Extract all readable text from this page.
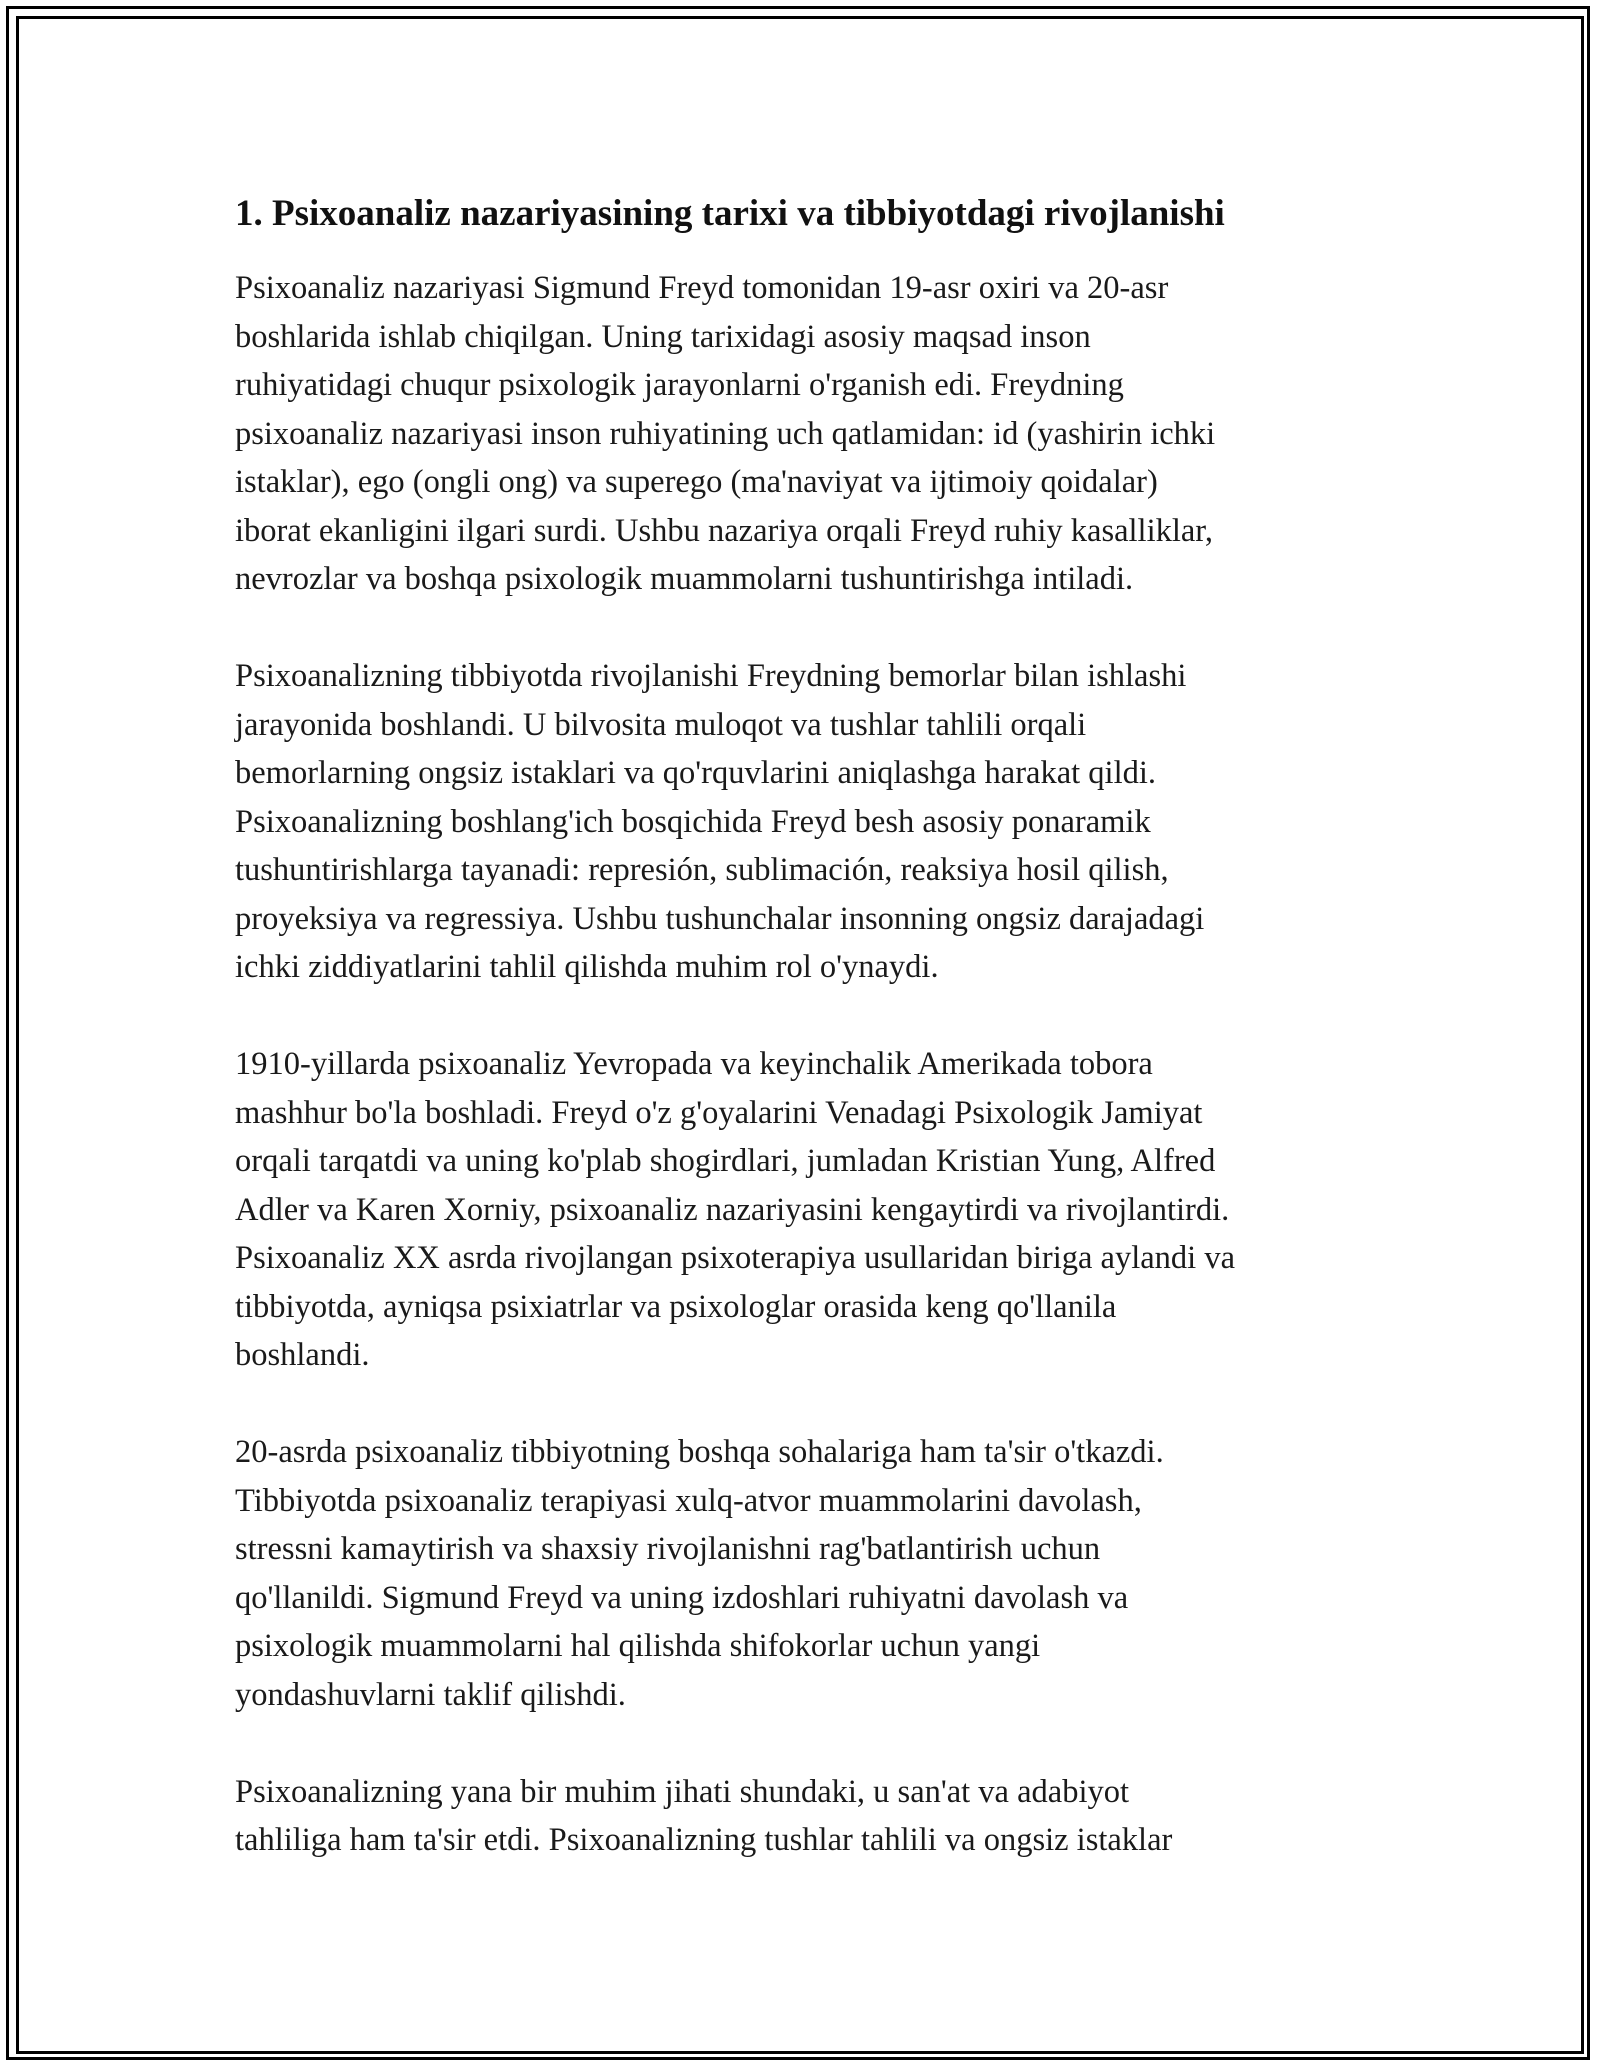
1. Psixoanaliz nazariyasining tarixi va tibbiyotdagi rivojlanishi

Psixoanaliz nazariyasi Sigmund Freyd tomonidan 19-asr oxiri va 20-asr
boshlarida ishlab chiqilgan. Uning tarixidagi asosiy maqsad inson
ruhiyatidagi chuqur psixologik jarayonlarni o'rganish edi. Freydning
psixoanaliz nazariyasi inson ruhiyatining uch qatlamidan: id (yashirin ichki
istaklar), ego (ongli ong) va superego (ma'naviyat va ijtimoiy qoidalar)
iborat ekanligini ilgari surdi. Ushbu nazariya orqali Freyd ruhiy kasalliklar,
nevrozlar va boshqa psixologik muammolarni tushuntirishga intiladi.

Psixoanalizning tibbiyotda rivojlanishi Freydning bemorlar bilan ishlashi
jarayonida boshlandi. U bilvosita muloqot va tushlar tahlili orqali
bemorlarning ongsiz istaklari va qo'rquvlarini aniqlashga harakat qildi.
Psixoanalizning boshlang'ich bosqichida Freyd besh asosiy ponaramik
tushuntirishlarga tayanadi: represión, sublimación, reaksiya hosil qilish,
proyeksiya va regressiya. Ushbu tushunchalar insonning ongsiz darajadagi
ichki ziddiyatlarini tahlil qilishda muhim rol o'ynaydi.

1910-yillarda psixoanaliz Yevropada va keyinchalik Amerikada tobora
mashhur bo'la boshladi. Freyd o'z g'oyalarini Venadagi Psixologik Jamiyat
orqali tarqatdi va uning ko'plab shogirdlari, jumladan Kristian Yung, Alfred
Adler va Karen Xorniy, psixoanaliz nazariyasini kengaytirdi va rivojlantirdi.
Psixoanaliz XX asrda rivojlangan psixoterapiya usullaridan biriga aylandi va
tibbiyotda, ayniqsa psixiatrlar va psixologlar orasida keng qo'llanila
boshlandi.

20-asrda psixoanaliz tibbiyotning boshqa sohalariga ham ta'sir o'tkazdi.
Tibbiyotda psixoanaliz terapiyasi xulq-atvor muammolarini davolash,
stressni kamaytirish va shaxsiy rivojlanishni rag'batlantirish uchun
qo'llanildi. Sigmund Freyd va uning izdoshlari ruhiyatni davolash va
psixologik muammolarni hal qilishda shifokorlar uchun yangi
yondashuvlarni taklif qilishdi.

Psixoanalizning yana bir muhim jihati shundaki, u san'at va adabiyot
tahliliga ham ta'sir etdi. Psixoanalizning tushlar tahlili va ongsiz istaklar
